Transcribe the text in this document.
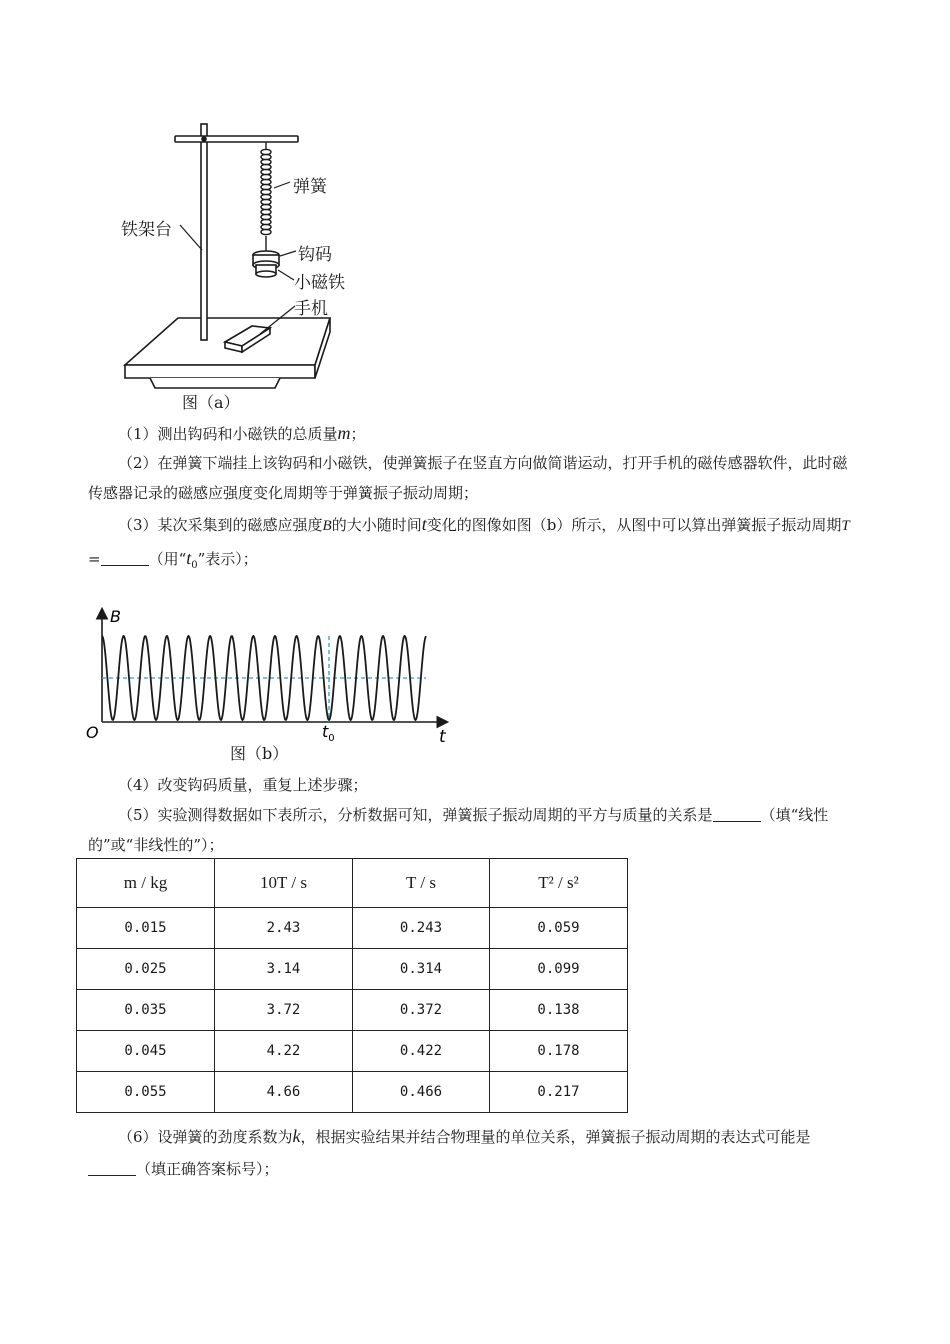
弹簧
铁架台
钩码
小磁铁
手机
图（a）
（1）测出钩码和小磁铁的总质量m；
（2）在弹簧下端挂上该钩码和小磁铁，使弹簧振子在竖直方向做简谐运动，打开手机的磁传感器软件，此时磁传感器记录的磁感应强度变化周期等于弹簧振子振动周期；
（3）某次采集到的磁感应强度B的大小随时间t变化的图像如图（b）所示，从图中可以算出弹簧振子振动周期T =	（用“$t_0$”表示）；
B
O	t
$t_0$
图（b）
（4）改变钩码质量，重复上述步骤；
（5）实验测得数据如下表所示，分析数据可知，弹簧振子振动周期的平方与质量的关系是	（填“线性的”或“非线性的”）；
m / kg	10T / s	T / s	T² / s²
0.015	2.43	0.243	0.059
0.025	3.14	0.314	0.099
0.035	3.72	0.372	0.138
0.045	4.22	0.422	0.178
0.055	4.66	0.466	0.217
（6）设弹簧的劲度系数为k，根据实验结果并结合物理量的单位关系，弹簧振子振动周期的表达式可能是（填正确答案标号）；
